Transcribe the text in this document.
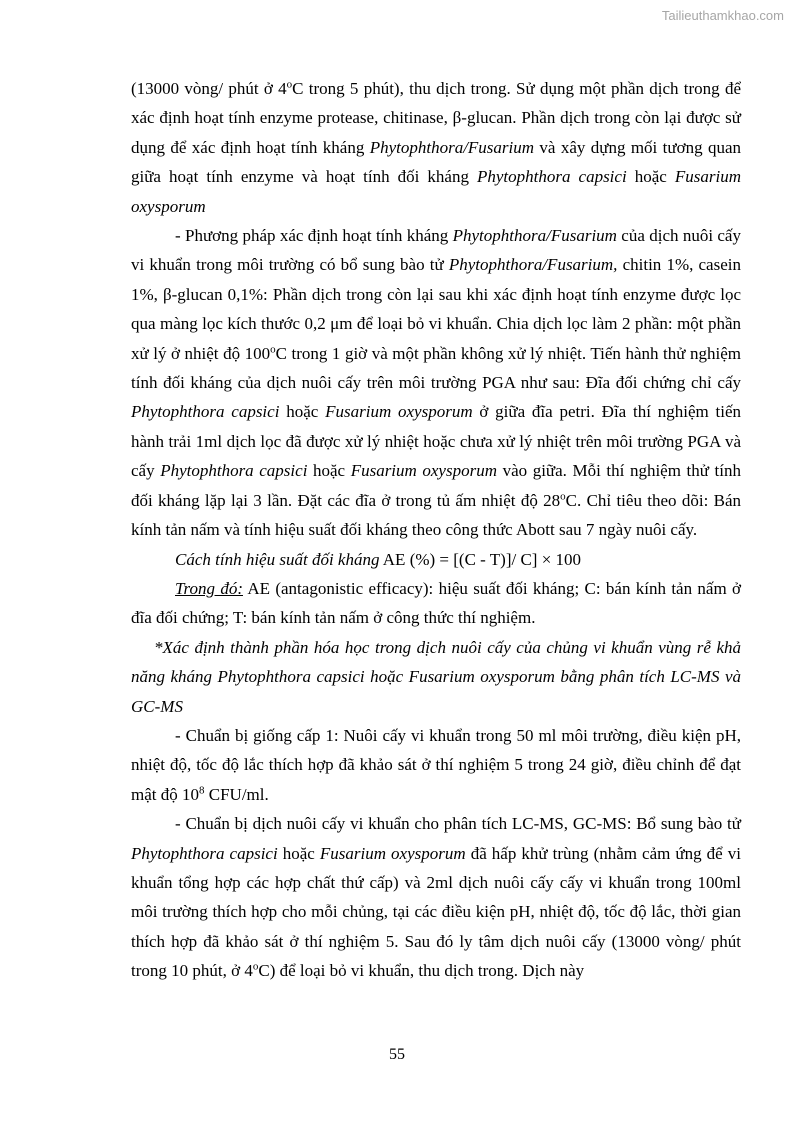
Tailieuthamkhao.com

(13000 vòng/ phút ở 4$^o$C trong 5 phút), thu dịch trong. Sử dụng một phần dịch trong để xác định hoạt tính enzyme protease, chitinase, β-glucan. Phần dịch trong còn lại được sử dụng để xác định hoạt tính kháng Phytophthora/Fusarium và xây dựng mối tương quan giữa hoạt tính enzyme và hoạt tính đối kháng Phytophthora capsici hoặc Fusarium oxysporum

- Phương pháp xác định hoạt tính kháng Phytophthora/Fusarium của dịch nuôi cấy vi khuẩn trong môi trường có bổ sung bào tử Phytophthora/Fusarium, chitin 1%, casein 1%, β-glucan 0,1%: Phần dịch trong còn lại sau khi xác định hoạt tính enzyme được lọc qua màng lọc kích thước 0,2 μm để loại bỏ vi khuẩn. Chia dịch lọc làm 2 phần: một phần xử lý ở nhiệt độ 100$^o$C trong 1 giờ và một phần không xử lý nhiệt. Tiến hành thử nghiệm tính đối kháng của dịch nuôi cấy trên môi trường PGA như sau: Đĩa đối chứng chỉ cấy Phytophthora capsici hoặc Fusarium oxysporum ở giữa đĩa petri. Đĩa thí nghiệm tiến hành trải 1ml dịch lọc đã được xử lý nhiệt hoặc chưa xử lý nhiệt trên môi trường PGA và cấy Phytophthora capsici hoặc Fusarium oxysporum vào giữa. Mỗi thí nghiệm thử tính đối kháng lặp lại 3 lần. Đặt các đĩa ở trong tủ ấm nhiệt độ 28$^o$C. Chỉ tiêu theo dõi: Bán kính tản nấm và tính hiệu suất đối kháng theo công thức Abott sau 7 ngày nuôi cấy.

Cách tính hiệu suất đối kháng AE (%) = [(C - T)]/ C] × 100

Trong đó: AE (antagonistic efficacy): hiệu suất đối kháng; C: bán kính tản nấm ở đĩa đối chứng; T: bán kính tản nấm ở công thức thí nghiệm.

*Xác định thành phần hóa học trong dịch nuôi cấy của chủng vi khuẩn vùng rễ khả năng kháng Phytophthora capsici hoặc Fusarium oxysporum bằng phân tích LC-MS và GC-MS

- Chuẩn bị giống cấp 1: Nuôi cấy vi khuẩn trong 50 ml môi trường, điều kiện pH, nhiệt độ, tốc độ lắc thích hợp đã khảo sát ở thí nghiệm 5 trong 24 giờ, điều chỉnh để đạt mật độ $10^8$ CFU/ml.

- Chuẩn bị dịch nuôi cấy vi khuẩn cho phân tích LC-MS, GC-MS: Bổ sung bào tử Phytophthora capsici hoặc Fusarium oxysporum đã hấp khử trùng (nhằm cảm ứng để vi khuẩn tổng hợp các hợp chất thứ cấp) và 2ml dịch nuôi cấy cấy vi khuẩn trong 100ml môi trường thích hợp cho mỗi chủng, tại các điều kiện pH, nhiệt độ, tốc độ lắc, thời gian thích hợp đã khảo sát ở thí nghiệm 5. Sau đó ly tâm dịch nuôi cấy (13000 vòng/ phút trong 10 phút, ở 4$^o$C) để loại bỏ vi khuẩn, thu dịch trong. Dịch này

55
